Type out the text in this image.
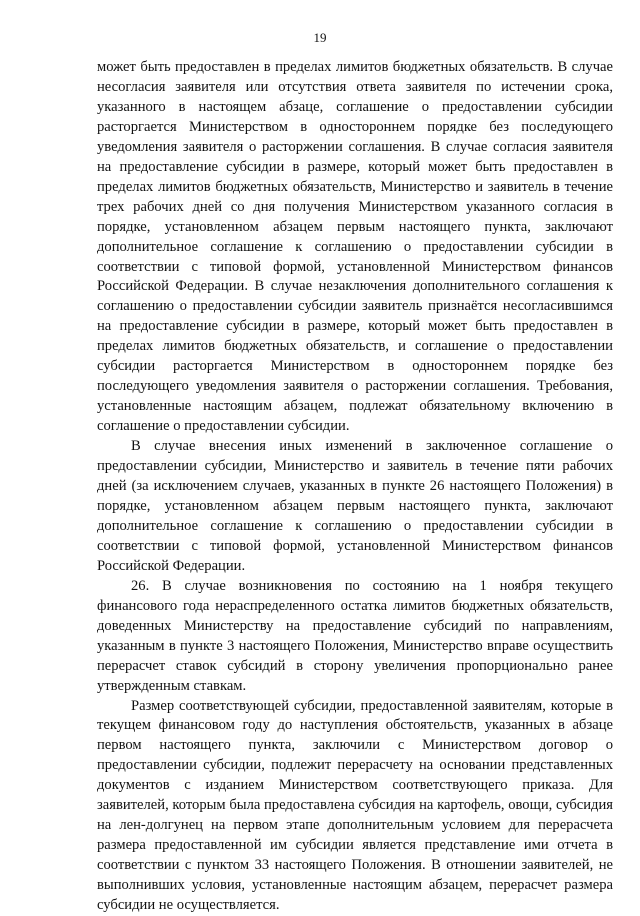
19

может быть предоставлен в пределах лимитов бюджетных обязательств. В случае несогласия заявителя или отсутствия ответа заявителя по истечении срока, указанного в настоящем абзаце, соглашение о предоставлении субсидии расторгается Министерством в одностороннем порядке без последующего уведомления заявителя о расторжении соглашения. В случае согласия заявителя на предоставление субсидии в размере, который может быть предоставлен в пределах лимитов бюджетных обязательств, Министерство и заявитель в течение трех рабочих дней со дня получения Министерством указанного согласия в порядке, установленном абзацем первым настоящего пункта, заключают дополнительное соглашение к соглашению о предоставлении субсидии в соответствии с типовой формой, установленной Министерством финансов Российской Федерации. В случае незаключения дополнительного соглашения к соглашению о предоставлении субсидии заявитель признаётся несогласившимся на предоставление субсидии в размере, который может быть предоставлен в пределах лимитов бюджетных обязательств, и соглашение о предоставлении субсидии расторгается Министерством в одностороннем порядке без последующего уведомления заявителя о расторжении соглашения. Требования, установленные настоящим абзацем, подлежат обязательному включению в соглашение о предоставлении субсидии.

В случае внесения иных изменений в заключенное соглашение о предоставлении субсидии, Министерство и заявитель в течение пяти рабочих дней (за исключением случаев, указанных в пункте 26 настоящего Положения) в порядке, установленном абзацем первым настоящего пункта, заключают дополнительное соглашение к соглашению о предоставлении субсидии в соответствии с типовой формой, установленной Министерством финансов Российской Федерации.

26. В случае возникновения по состоянию на 1 ноября текущего финансового года нераспределенного остатка лимитов бюджетных обязательств, доведенных Министерству на предоставление субсидий по направлениям, указанным в пункте 3 настоящего Положения, Министерство вправе осуществить перерасчет ставок субсидий в сторону увеличения пропорционально ранее утвержденным ставкам.

Размер соответствующей субсидии, предоставленной заявителям, которые в текущем финансовом году до наступления обстоятельств, указанных в абзаце первом настоящего пункта, заключили с Министерством договор о предоставлении субсидии, подлежит перерасчету на основании представленных документов с изданием Министерством соответствующего приказа. Для заявителей, которым была предоставлена субсидия на картофель, овощи, субсидия на лен-долгунец на первом этапе дополнительным условием для перерасчета размера предоставленной им субсидии является представление ими отчета в соответствии с пунктом 33 настоящего Положения. В отношении заявителей, не выполнивших условия, установленные настоящим абзацем, перерасчет размера субсидии не осуществляется.
